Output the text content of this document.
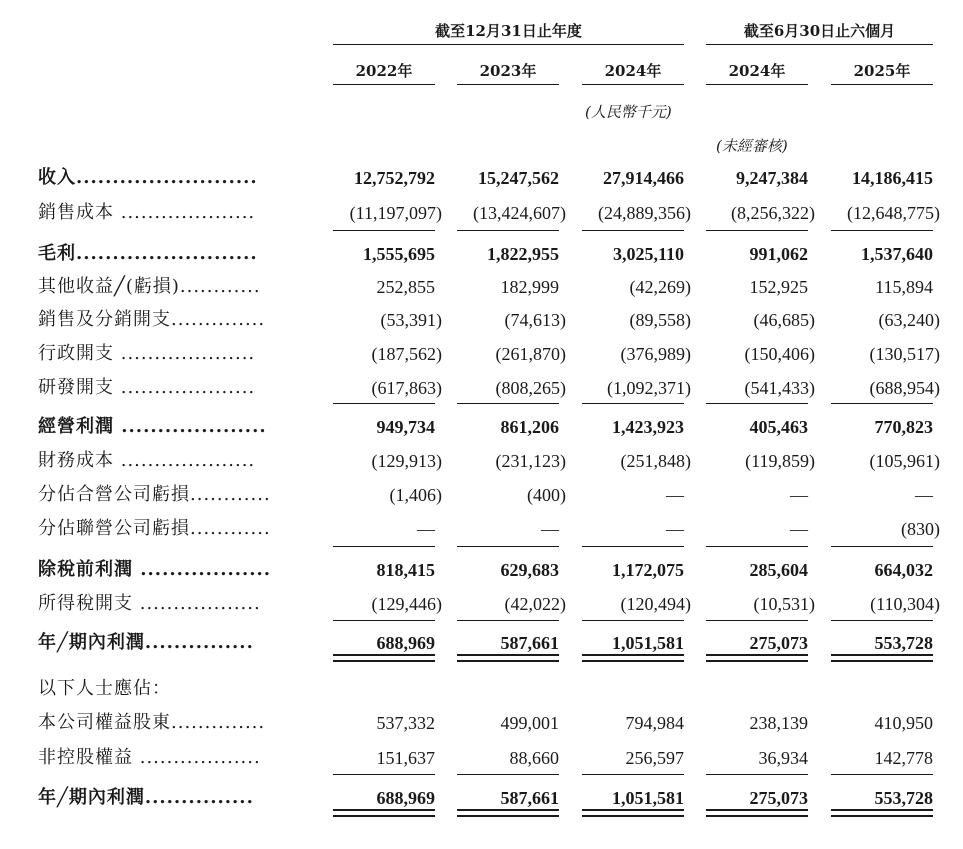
截至12月31日止年度	截至6月30日止六個月
2022年	2023年	2024年	2024年	2025年
(人民幣千元)
(未經審核)
收入.........................	12,752,792	15,247,562	27,914,466	9,247,384	14,186,415
銷售成本 ....................	(11,197,097)	(13,424,607)	(24,889,356)	(8,256,322)	(12,648,775)
毛利.........................	1,555,695	1,822,955	3,025,110	991,062	1,537,640
其他收益╱(虧損)............	252,855	182,999	(42,269)	152,925	115,894
銷售及分銷開支..............	(53,391)	(74,613)	(89,558)	(46,685)	(63,240)
行政開支 ....................	(187,562)	(261,870)	(376,989)	(150,406)	(130,517)
研發開支 ....................	(617,863)	(808,265)	(1,092,371)	(541,433)	(688,954)
經營利潤 ....................	949,734	861,206	1,423,923	405,463	770,823
財務成本 ....................	(129,913)	(231,123)	(251,848)	(119,859)	(105,961)
分佔合營公司虧損............	(1,406)	(400)	—	—	—
分佔聯營公司虧損............	—	—	—	—	(830)
除稅前利潤 ..................	818,415	629,683	1,172,075	285,604	664,032
所得稅開支 ..................	(129,446)	(42,022)	(120,494)	(10,531)	(110,304)
年╱期內利潤...............	688,969	587,661	1,051,581	275,073	553,728
以下人士應佔：
本公司權益股東..............	537,332	499,001	794,984	238,139	410,950
非控股權益 ..................	151,637	88,660	256,597	36,934	142,778
年╱期內利潤...............	688,969	587,661	1,051,581	275,073	553,728
